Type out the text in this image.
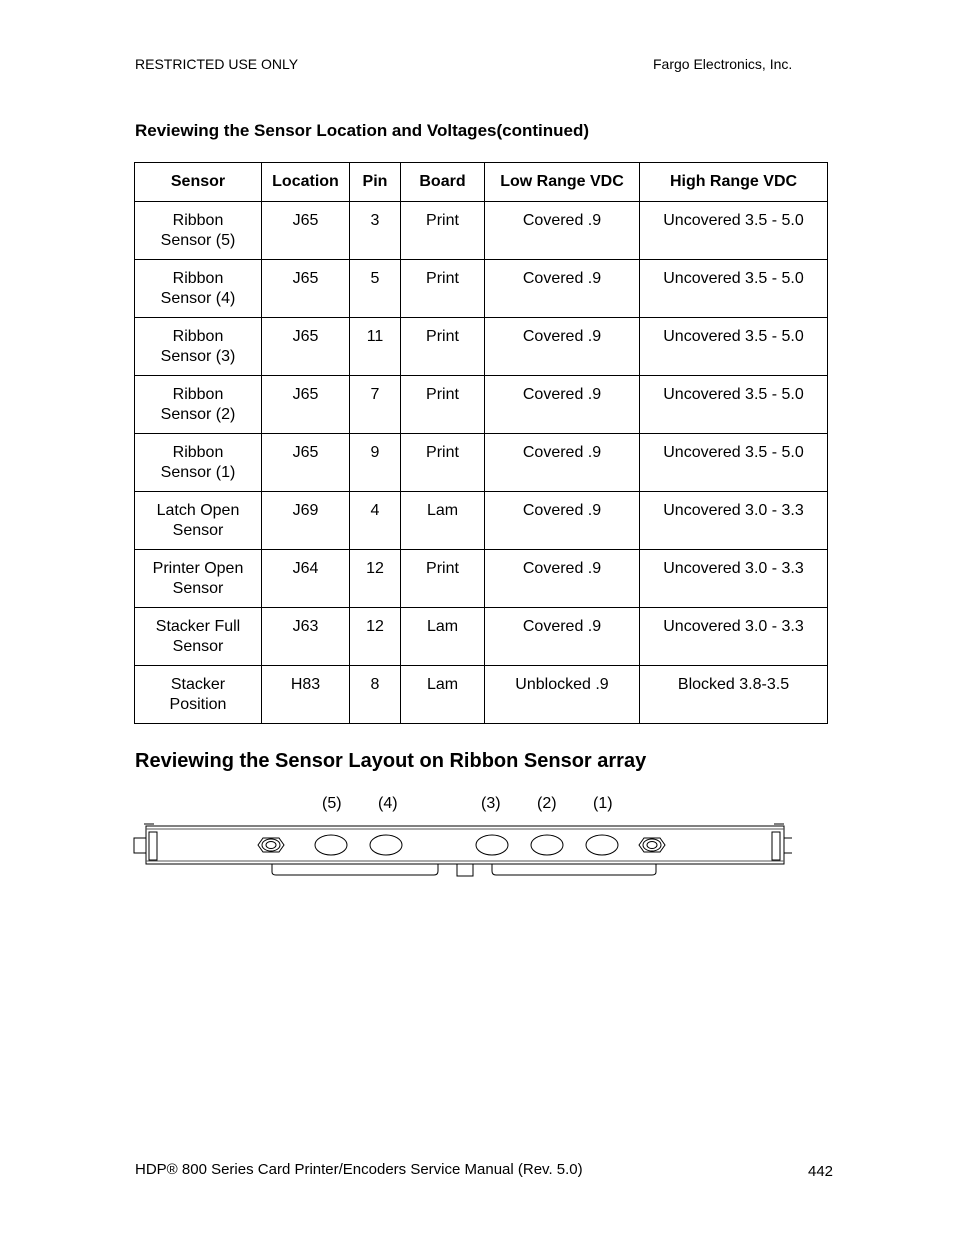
RESTRICTED USE ONLY	Fargo Electronics, Inc.
Reviewing the Sensor Location and Voltages(continued)
Sensor	Location	Pin	Board	Low Range VDC	High Range VDC

Ribbon
Sensor (5)	J65	3	Print	Covered .9	Uncovered 3.5 - 5.0

Ribbon
Sensor (4)	J65	5	Print	Covered .9	Uncovered 3.5 - 5.0

Ribbon
Sensor (3)	J65	11	Print	Covered .9	Uncovered 3.5 - 5.0

Ribbon
Sensor (2)	J65	7	Print	Covered .9	Uncovered 3.5 - 5.0

Ribbon
Sensor (1)	J65	9	Print	Covered .9	Uncovered 3.5 - 5.0

Latch Open
Sensor	J69	4	Lam	Covered .9	Uncovered 3.0 - 3.3

Printer Open
Sensor	J64	12	Print	Covered .9	Uncovered 3.0 - 3.3

Stacker Full
Sensor	J63	12	Lam	Covered .9	Uncovered 3.0 - 3.3

Stacker
Position	H83	8	Lam	Unblocked .9	Blocked 3.8-3.5
Reviewing the Sensor Layout on Ribbon Sensor array
(5) (4)	(3) (2) (1)
HDP® 800 Series Card Printer/Encoders Service Manual (Rev. 5.0)	442
